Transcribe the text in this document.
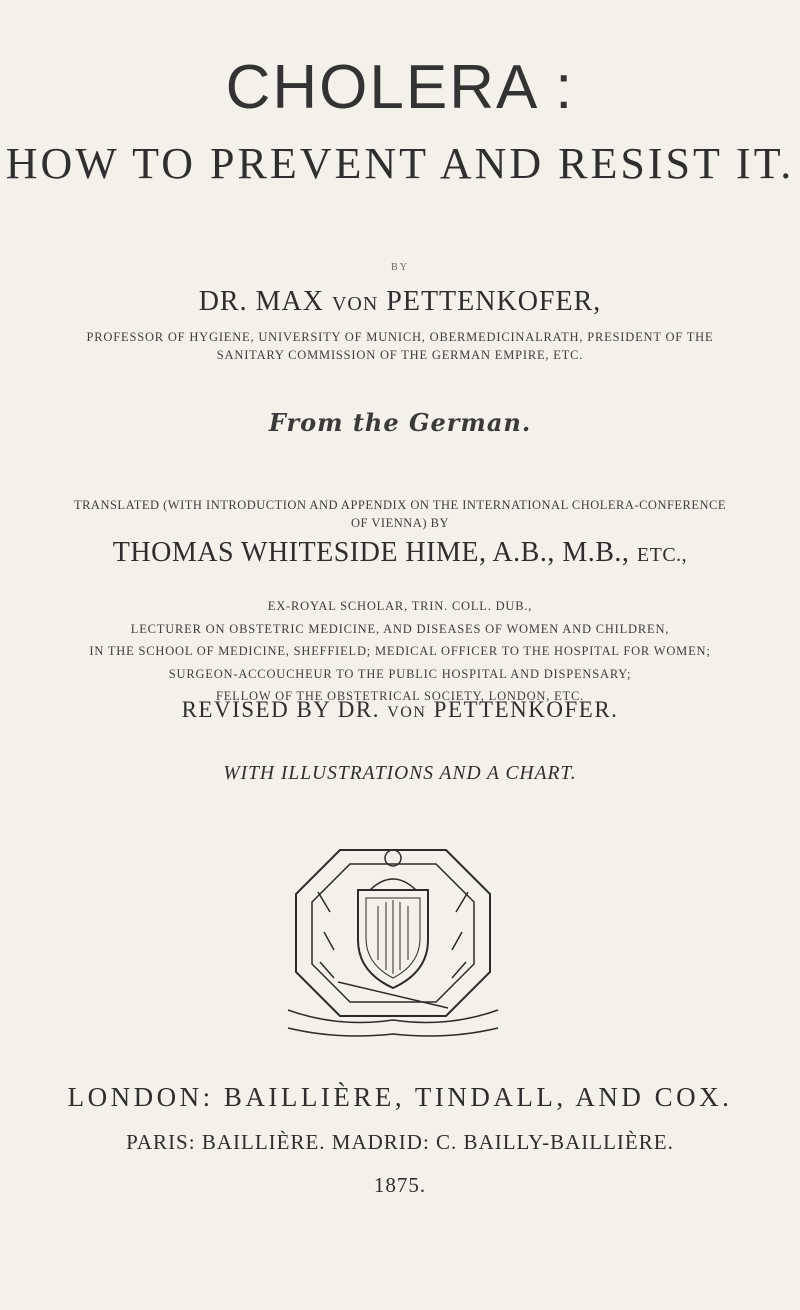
CHOLERA :
HOW TO PREVENT AND RESIST IT.
BY
DR. MAX VON PETTENKOFER,
PROFESSOR OF HYGIENE, UNIVERSITY OF MUNICH, OBERMEDICINALRATH, PRESIDENT OF THE
SANITARY COMMISSION OF THE GERMAN EMPIRE, ETC.
From the German.
TRANSLATED (WITH INTRODUCTION AND APPENDIX ON THE INTERNATIONAL CHOLERA-CONFERENCE
OF VIENNA) BY
THOMAS WHITESIDE HIME, A.B., M.B., ETC.,
EX-ROYAL SCHOLAR, TRIN. COLL. DUB.,
LECTURER ON OBSTETRIC MEDICINE, AND DISEASES OF WOMEN AND CHILDREN,
IN THE SCHOOL OF MEDICINE, SHEFFIELD; MEDICAL OFFICER TO THE HOSPITAL FOR WOMEN;
SURGEON-ACCOUCHEUR TO THE PUBLIC HOSPITAL AND DISPENSARY;
FELLOW OF THE OBSTETRICAL SOCIETY, LONDON, ETC.
REVISED BY DR. VON PETTENKOFER.
WITH ILLUSTRATIONS AND A CHART.
LONDON: BAILLIÈRE, TINDALL, AND COX.
PARIS: BAILLIÈRE. MADRID: C. BAILLY-BAILLIÈRE.
1875.
